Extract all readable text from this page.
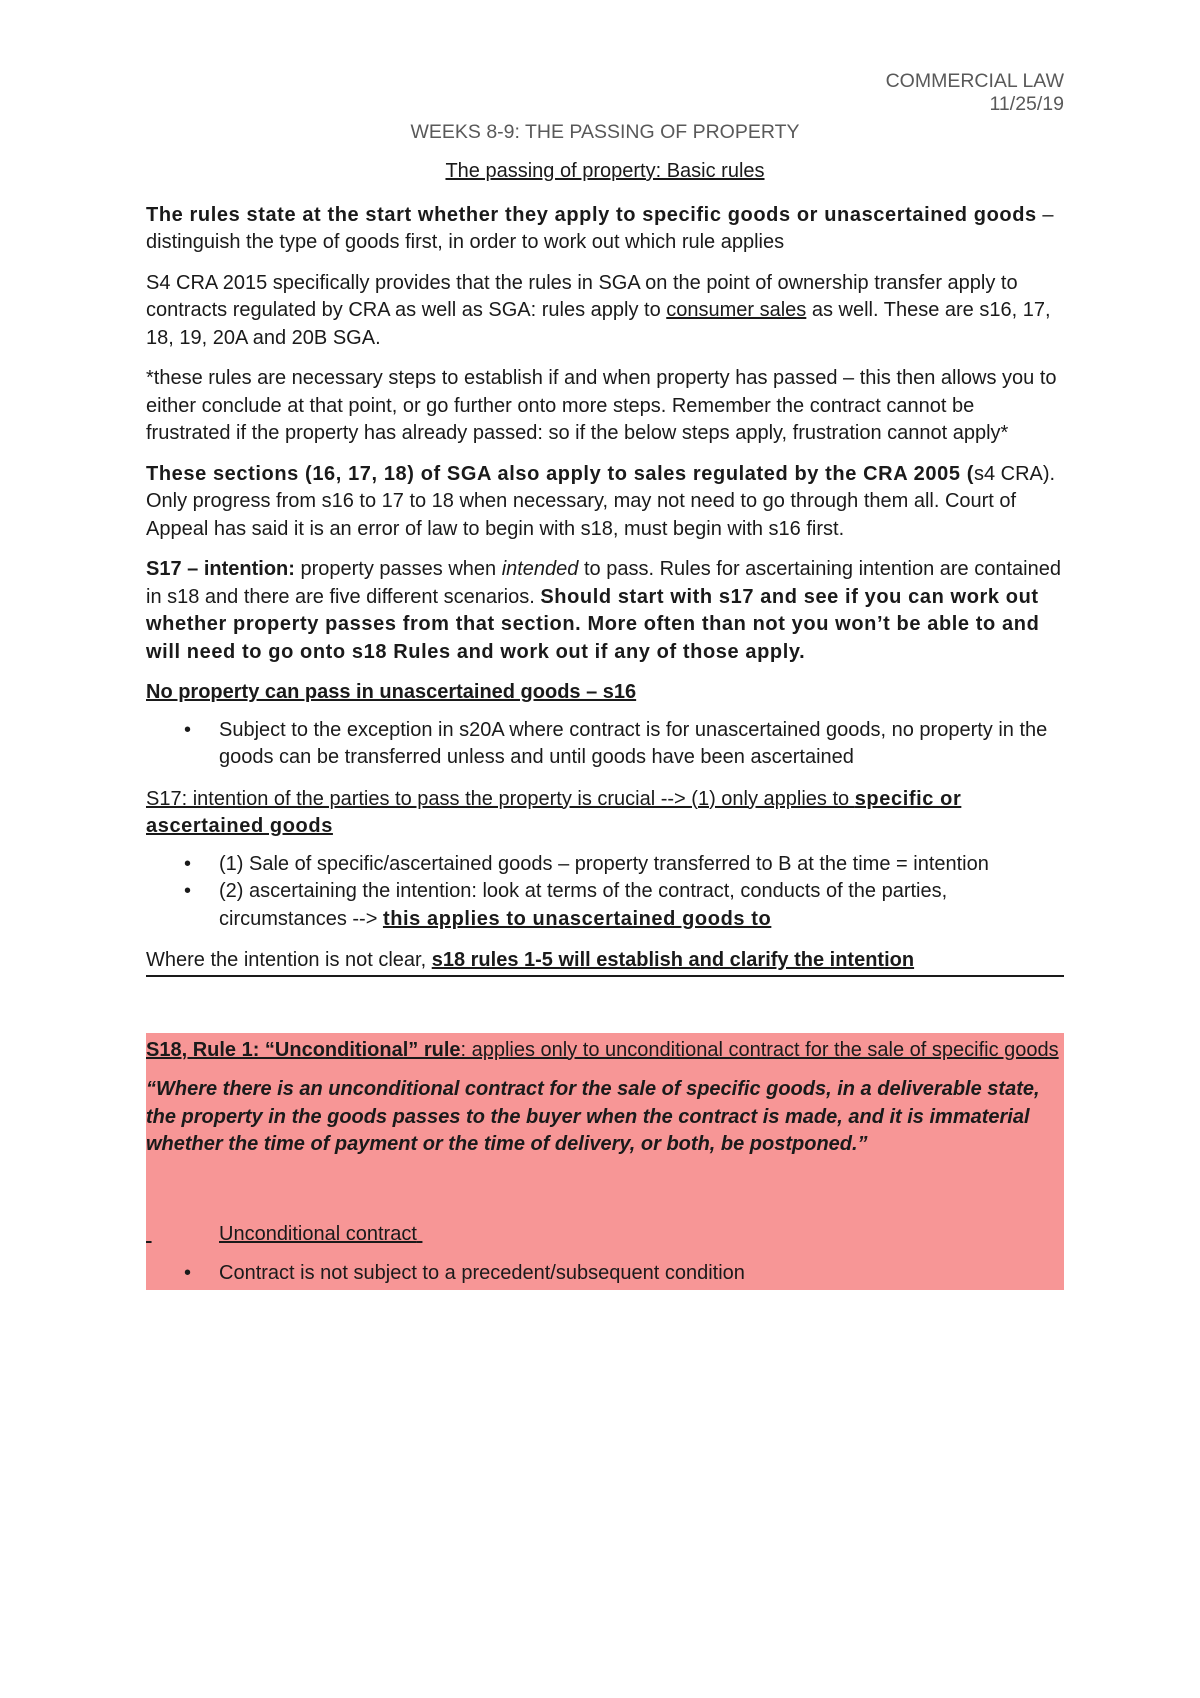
COMMERCIAL LAW
11/25/19
WEEKS 8-9: THE PASSING OF PROPERTY
The passing of property: Basic rules

The rules state at the start whether they apply to specific goods or unascertained goods – distinguish the type of goods first, in order to work out which rule applies

S4 CRA 2015 specifically provides that the rules in SGA on the point of ownership transfer apply to contracts regulated by CRA as well as SGA: rules apply to consumer sales as well. These are s16, 17, 18, 19, 20A and 20B SGA.

*these rules are necessary steps to establish if and when property has passed – this then allows you to either conclude at that point, or go further onto more steps. Remember the contract cannot be frustrated if the property has already passed: so if the below steps apply, frustration cannot apply*

These sections (16, 17, 18) of SGA also apply to sales regulated by the CRA 2005 (s4 CRA). Only progress from s16 to 17 to 18 when necessary, may not need to go through them all. Court of Appeal has said it is an error of law to begin with s18, must begin with s16 first.

S17 – intention: property passes when intended to pass. Rules for ascertaining intention are contained in s18 and there are five different scenarios. Should start with s17 and see if you can work out whether property passes from that section. More often than not you won’t be able to and will need to go onto s18 Rules and work out if any of those apply.

No property can pass in unascertained goods – s16

• Subject to the exception in s20A where contract is for unascertained goods, no property in the goods can be transferred unless and until goods have been ascertained

S17: intention of the parties to pass the property is crucial --> (1) only applies to specific or ascertained goods

• (1) Sale of specific/ascertained goods – property transferred to B at the time = intention
• (2) ascertaining the intention: look at terms of the contract, conducts of the parties, circumstances --> this applies to unascertained goods to

Where the intention is not clear, s18 rules 1-5 will establish and clarify the intention

S18, Rule 1: “Unconditional” rule: applies only to unconditional contract for the sale of specific goods

“Where there is an unconditional contract for the sale of specific goods, in a deliverable state, the property in the goods passes to the buyer when the contract is made, and it is immaterial whether the time of payment or the time of delivery, or both, be postponed.”

Unconditional contract

• Contract is not subject to a precedent/subsequent condition
